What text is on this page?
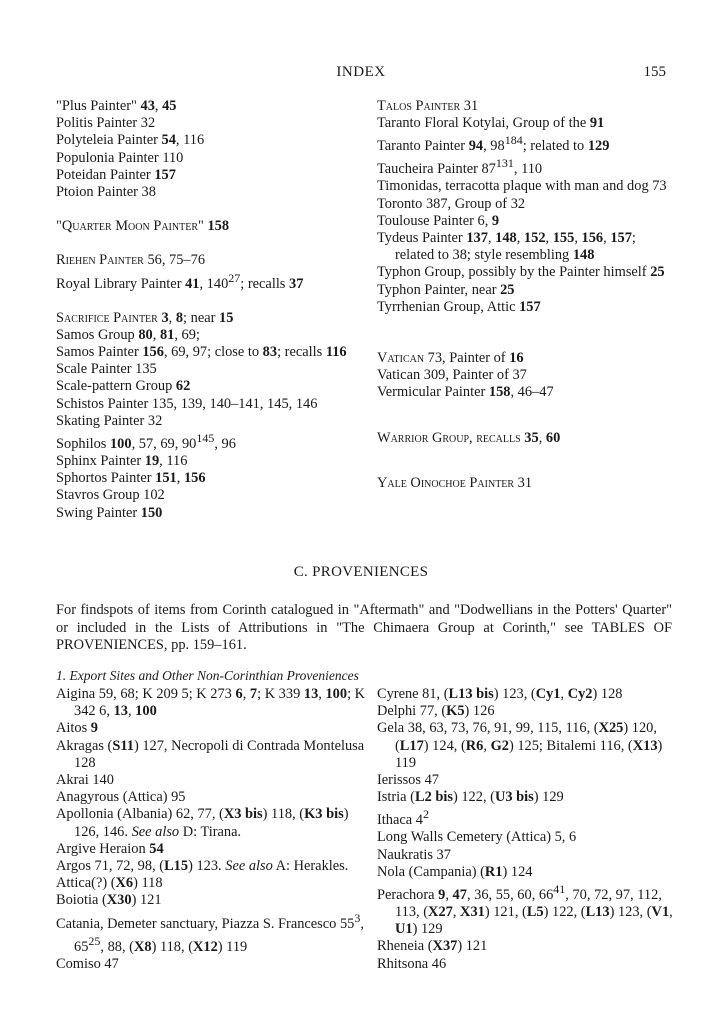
INDEX	155
"Plus Painter" 43, 45
Politis Painter 32
Polyteleia Painter 54, 116
Populonia Painter 110
Poteidan Painter 157
Ptoion Painter 38
"Quarter Moon Painter" 158
Riehen Painter 56, 75–76
Royal Library Painter 41, $140^{27}$; recalls 37
Sacrifice Painter 3, 8; near 15
Samos Group 80, 81, 69;
Samos Painter 156, 69, 97; close to 83; recalls 116
Scale Painter 135
Scale-pattern Group 62
Schistos Painter 135, 139, 140–141, 145, 146
Skating Painter 32
Sophilos 100, 57, 69, $90^{145}$, 96
Sphinx Painter 19, 116
Sphortos Painter 151, 156
Stavros Group 102
Swing Painter 150
Talos Painter 31
Taranto Floral Kotylai, Group of the 91
Taranto Painter 94, $98^{184}$; related to 129
Taucheira Painter $87^{131}$, 110
Timonidas, terracotta plaque with man and dog 73
Toronto 387, Group of 32
Toulouse Painter 6, 9
Tydeus Painter 137, 148, 152, 155, 156, 157; related to 38; style resembling 148
Typhon Group, possibly by the Painter himself 25
Typhon Painter, near 25
Tyrrhenian Group, Attic 157
Vatican 73, Painter of 16
Vatican 309, Painter of 37
Vermicular Painter 158, 46–47
Warrior Group, recalls 35, 60
Yale Oinochoe Painter 31
C. PROVENIENCES
For findspots of items from Corinth catalogued in "Aftermath" and "Dodwellians in the Potters' Quarter" or included in the Lists of Attributions in "The Chimaera Group at Corinth," see TABLES OF PROVENIENCES, pp. 159–161.
1. Export Sites and Other Non-Corinthian Proveniences
Aigina 59, 68; K 209 5; K 273 6, 7; K 339 13, 100; K 342 6, 13, 100
Aitos 9
Akragas (S11) 127, Necropoli di Contrada Montelusa 128
Akrai 140
Anagyrous (Attica) 95
Apollonia (Albania) 62, 77, (X3 bis) 118, (K3 bis) 126, 146. See also D: Tirana.
Argive Heraion 54
Argos 71, 72, 98, (L15) 123. See also A: Herakles.
Attica(?) (X6) 118
Boiotia (X30) 121
Catania, Demeter sanctuary, Piazza S. Francesco $55^3$, $65^{25}$, 88, (X8) 118, (X12) 119
Comiso 47
Cyrene 81, (L13 bis) 123, (Cy1, Cy2) 128
Delphi 77, (K5) 126
Gela 38, 63, 73, 76, 91, 99, 115, 116, (X25) 120, (L17) 124, (R6, G2) 125; Bitalemi 116, (X13) 119
Ierissos 47
Istria (L2 bis) 122, (U3 bis) 129
Ithaca $4^2$
Long Walls Cemetery (Attica) 5, 6
Naukratis 37
Nola (Campania) (R1) 124
Perachora 9, 47, 36, 55, 60, $66^{41}$, 70, 72, 97, 112, 113, (X27, X31) 121, (L5) 122, (L13) 123, (V1, U1) 129
Rheneia (X37) 121
Rhitsona 46
